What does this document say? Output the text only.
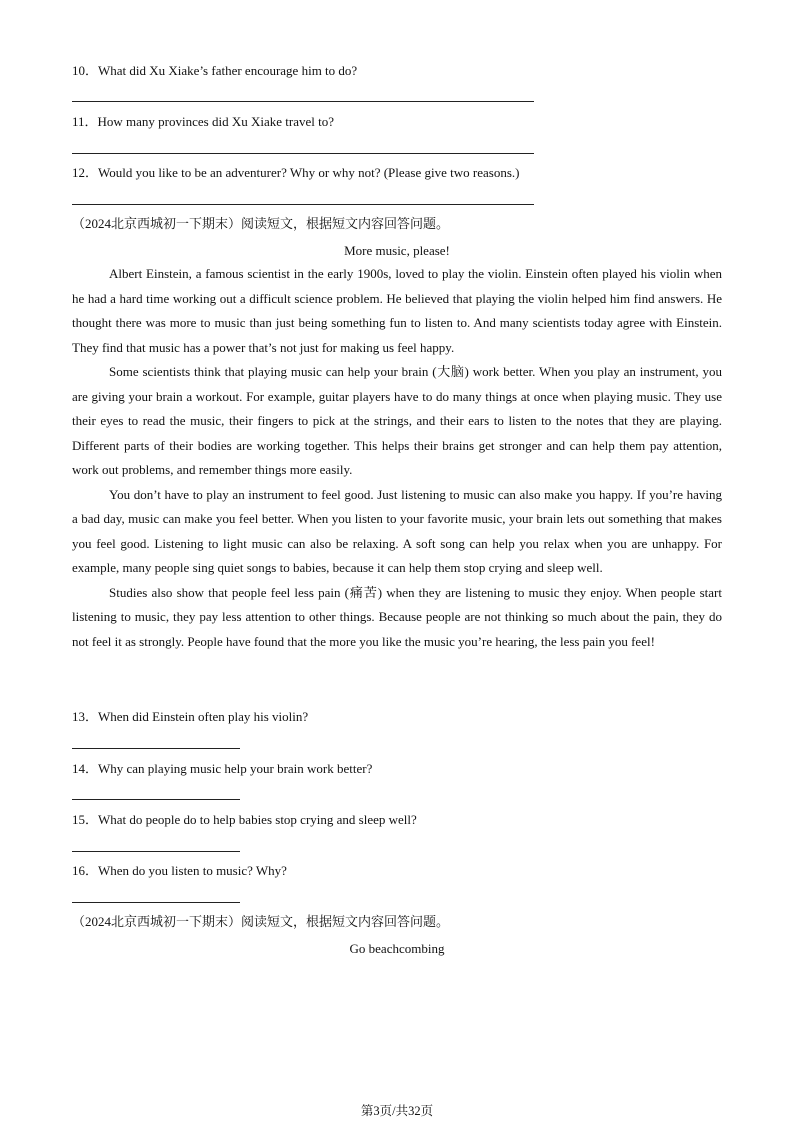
10．What did Xu Xiake’s father encourage him to do?
11．How many provinces did Xu Xiake travel to?
12．Would you like to be an adventurer? Why or why not? (Please give two reasons.)
（2024北京西城初一下期末）阅读短文，根据短文内容回答问题。
More music, please!

Albert Einstein, a famous scientist in the early 1900s, loved to play the violin. Einstein often played his violin when he had a hard time working out a difficult science problem. He believed that playing the violin helped him find answers. He thought there was more to music than just being something fun to listen to. And many scientists today agree with Einstein. They find that music has a power that’s not just for making us feel happy.

Some scientists think that playing music can help your brain (大脑) work better. When you play an instrument, you are giving your brain a workout. For example, guitar players have to do many things at once when playing music. They use their eyes to read the music, their fingers to pick at the strings, and their ears to listen to the notes that they are playing. Different parts of their bodies are working together. This helps their brains get stronger and can help them pay attention, work out problems, and remember things more easily.

You don’t have to play an instrument to feel good. Just listening to music can also make you happy. If you’re having a bad day, music can make you feel better. When you listen to your favorite music, your brain lets out something that makes you feel good. Listening to light music can also be relaxing. A soft song can help you relax when you are unhappy. For example, many people sing quiet songs to babies, because it can help them stop crying and sleep well.

Studies also show that people feel less pain (痛苦) when they are listening to music they enjoy. When people start listening to music, they pay less attention to other things. Because people are not thinking so much about the pain, they do not feel it as strongly. People have found that the more you like the music you’re hearing, the less pain you feel!

13．When did Einstein often play his violin?
14．Why can playing music help your brain work better?
15．What do people do to help babies stop crying and sleep well?
16．When do you listen to music? Why?
（2024北京西城初一下期末）阅读短文，根据短文内容回答问题。
Go beachcombing
第3页/共32页
